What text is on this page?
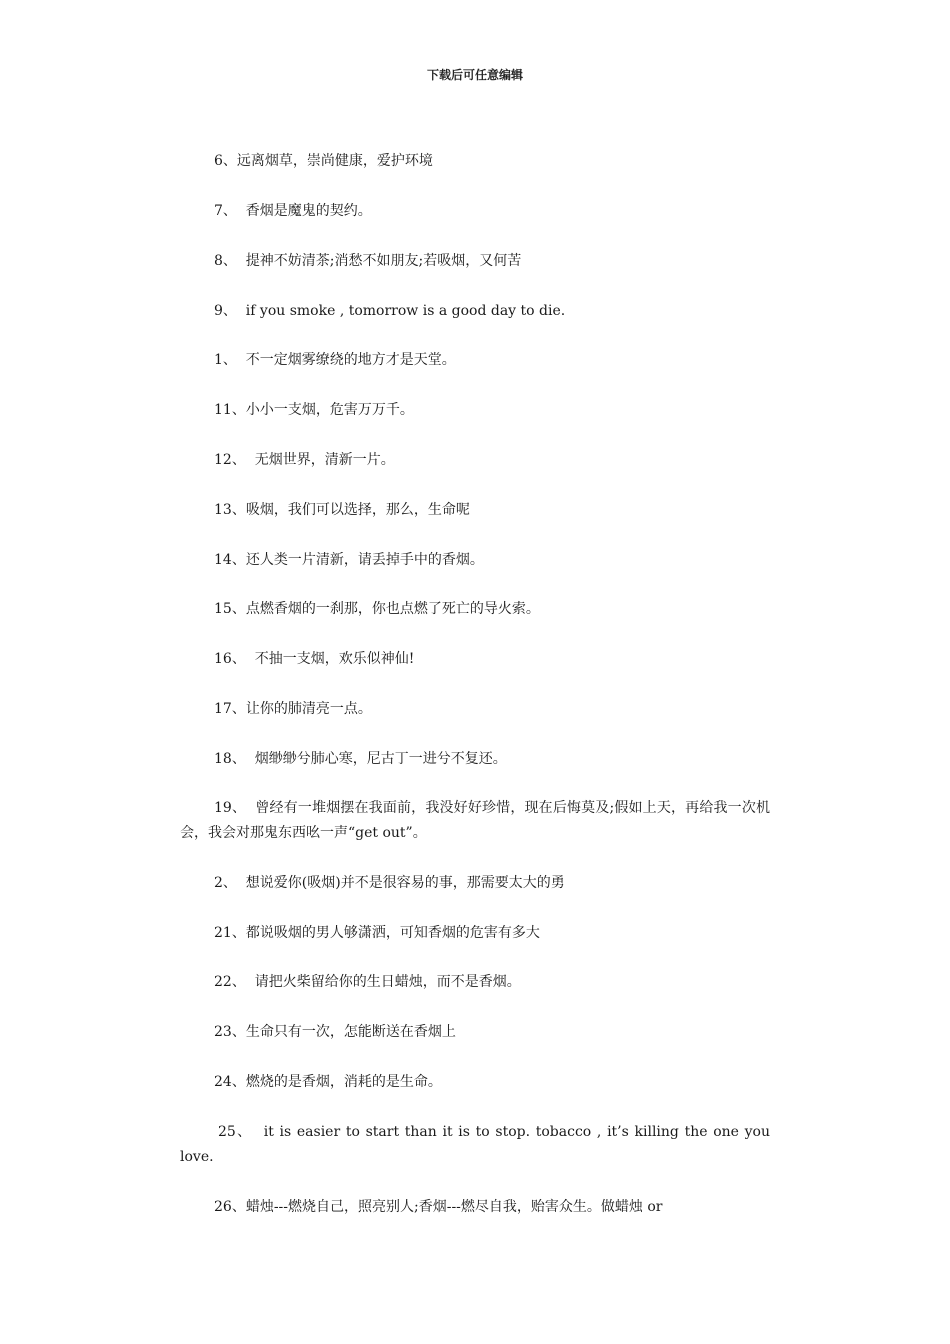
下载后可任意编辑
6、远离烟草，崇尚健康，爱护环境
7、  香烟是魔鬼的契约。
8、  提神不妨清茶;消愁不如朋友;若吸烟，又何苦
9、  if you smoke , tomorrow is a good day to die.
1、  不一定烟雾缭绕的地方才是天堂。
11、小小一支烟，危害万万千。
12、  无烟世界，清新一片。
13、吸烟，我们可以选择，那么，生命呢
14、还人类一片清新，请丢掉手中的香烟。
15、点燃香烟的一刹那，你也点燃了死亡的导火索。
16、  不抽一支烟，欢乐似神仙!
17、让你的肺清亮一点。
18、  烟缈缈兮肺心寒，尼古丁一进兮不复还。
19、  曾经有一堆烟摆在我面前，我没好好珍惜，现在后悔莫及;假如上天，再给我一次机会，我会对那鬼东西吆一声“get out”。
2、  想说爱你(吸烟)并不是很容易的事，那需要太大的勇
21、都说吸烟的男人够潇洒，可知香烟的危害有多大
22、  请把火柴留给你的生日蜡烛，而不是香烟。
23、生命只有一次，怎能断送在香烟上
24、燃烧的是香烟，消耗的是生命。
25、  it is easier to start than it is to stop. tobacco , it’s killing the one you love.
26、蜡烛---燃烧自己，照亮别人;香烟---燃尽自我，贻害众生。做蜡烛 or
